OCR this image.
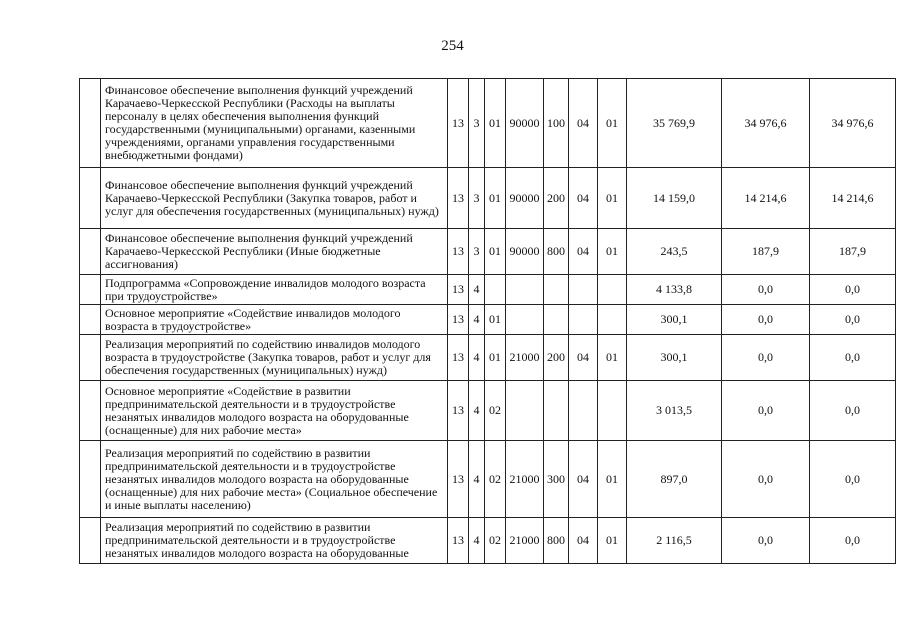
254
	Финансовое обеспечение выполнения функций учреждений Карачаево-Черкесской Республики (Расходы на выплаты персоналу в целях обеспечения выполнения функций государственными (муниципальными) органами, казенными учреждениями, органами управления государственными внебюджетными фондами)	13	3	01	90000	100	04	01	35 769,9	34 976,6	34 976,6
	Финансовое обеспечение выполнения функций учреждений Карачаево-Черкесской Республики (Закупка товаров, работ и услуг для обеспечения государственных (муниципальных) нужд)	13	3	01	90000	200	04	01	14 159,0	14 214,6	14 214,6
	Финансовое обеспечение выполнения функций учреждений Карачаево-Черкесской Республики (Иные бюджетные ассигнования)	13	3	01	90000	800	04	01	243,5	187,9	187,9
	Подпрограмма «Сопровождение инвалидов молодого возраста при трудоустройстве»	13	4						4 133,8	0,0	0,0
	Основное мероприятие «Содействие инвалидов молодого возраста в трудоустройстве»	13	4	01					300,1	0,0	0,0
	Реализация мероприятий по содействию инвалидов молодого возраста в трудоустройстве (Закупка товаров, работ и услуг для обеспечения государственных (муниципальных) нужд)	13	4	01	21000	200	04	01	300,1	0,0	0,0
	Основное мероприятие «Содействие в развитии предпринимательской деятельности и в трудоустройстве незанятых инвалидов молодого возраста на оборудованные (оснащенные) для них рабочие места»	13	4	02					3 013,5	0,0	0,0
	Реализация мероприятий по содействию в развитии предпринимательской деятельности и в трудоустройстве незанятых инвалидов молодого возраста на оборудованные (оснащенные) для них рабочие места» (Социальное обеспечение и иные выплаты населению)	13	4	02	21000	300	04	01	897,0	0,0	0,0
	Реализация мероприятий по содействию в развитии предпринимательской деятельности и в трудоустройстве незанятых инвалидов молодого возраста на оборудованные	13	4	02	21000	800	04	01	2 116,5	0,0	0,0
